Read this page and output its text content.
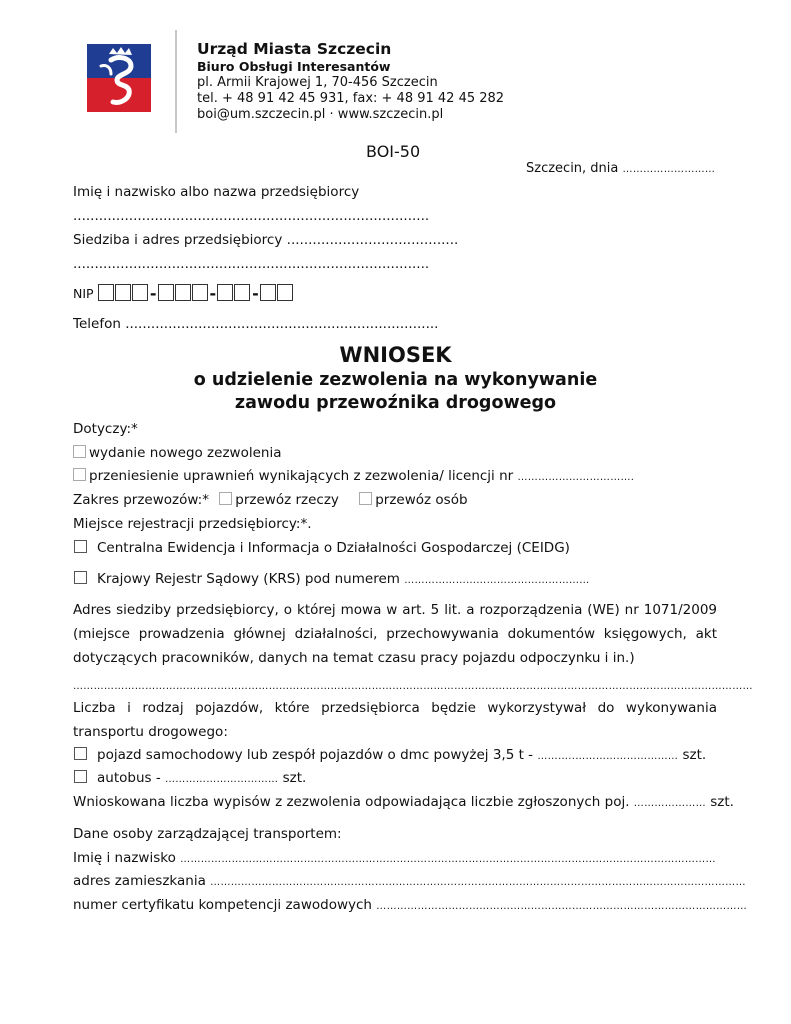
Urząd Miasta Szczecin
Biuro Obsługi Interesantów
pl. Armii Krajowej 1, 70-456 Szczecin
tel. + 48 91 42 45 931, fax: + 48 91 42 45 282
boi@um.szczecin.pl · www.szczecin.pl
BOI-50
Szczecin, dnia ………………………
Imię i nazwisko albo nazwa przedsiębiorcy
...................................................................................
Siedziba i adres przedsiębiorcy ........................................
...................................................................................
NIP	-	- -
Telefon .........................................................................
WNIOSEK
o udzielenie zezwolenia na wykonywanie
zawodu przewoźnika drogowego
Dotyczy:*
wydanie nowego zezwolenia
przeniesienie uprawnień wynikających z zezwolenia/ licencji nr …………………………….
Zakres przewozów:* przewóz rzeczy	przewóz osób
Miejsce rejestracji przedsiębiorcy:*.
Centralna Ewidencja i Informacja o Działalności Gospodarczej (CEIDG)
Krajowy Rejestr Sądowy (KRS) pod numerem ………………………………………………
Adres siedziby przedsiębiorcy, o której mowa w art. 5 lit. a rozporządzenia (WE) nr 1071/2009 (miejsce prowadzenia głównej działalności, przechowywania dokumentów księgowych, akt dotyczących pracowników, danych na temat czasu pracy pojazdu odpoczynku i in.)
………………………………………………………………………………………………………………………………………………………………………………
Liczba i rodzaj pojazdów, które przedsiębiorca będzie wykorzystywał do wykonywania transportu drogowego:
pojazd samochodowy lub zespół pojazdów o dmc powyżej 3,5 t - ………..………………………… szt.
autobus - …………………………… szt.
Wnioskowana liczba wypisów z zezwolenia odpowiadająca liczbie zgłoszonych poj. ………………… szt.
Dane osoby zarządzającej transportem:
Imię i nazwisko …………………………………………………………………………………………………………………………………………
adres zamieszkania …………………………………………………………………………………………………………………………………………
numer certyfikatu kompetencji zawodowych ………………………………………………………………………………………………
